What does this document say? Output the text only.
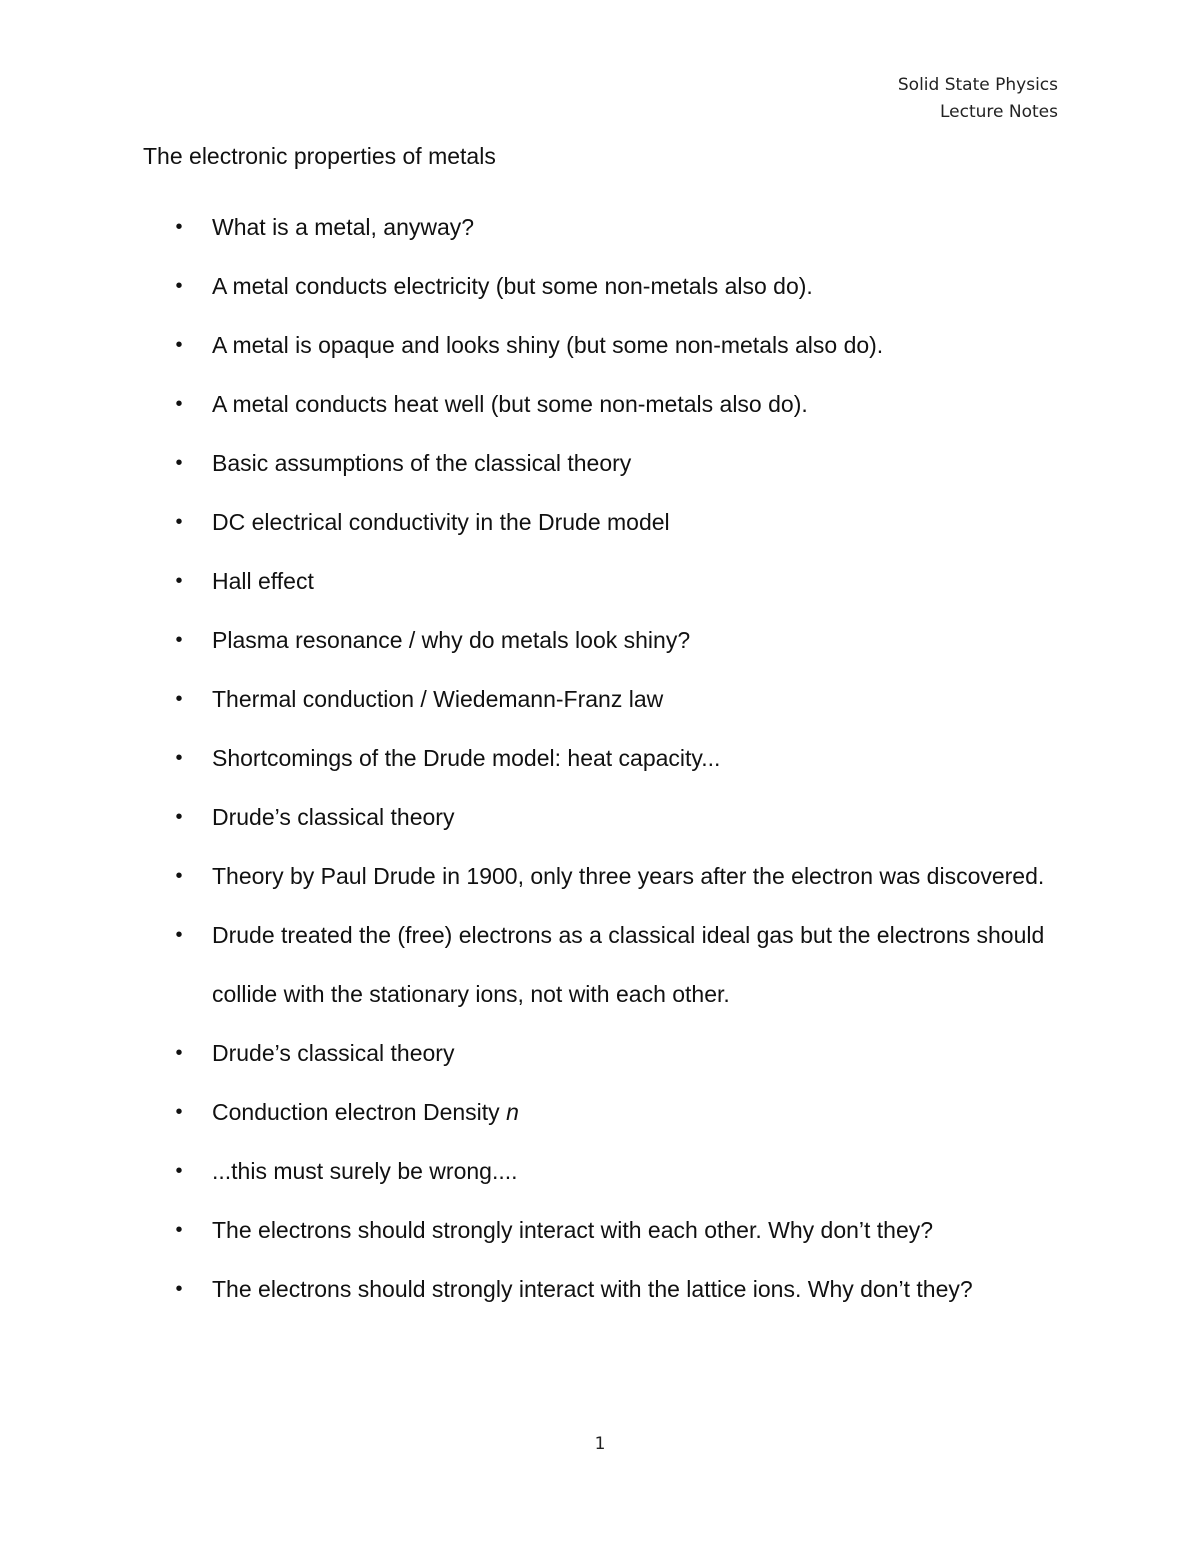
Solid State Physics
Lecture Notes
The electronic properties of metals
• What is a metal, anyway?
• A metal conducts electricity (but some non-metals also do).
• A metal is opaque and looks shiny (but some non-metals also do).
• A metal conducts heat well (but some non-metals also do).
• Basic assumptions of the classical theory
• DC electrical conductivity in the Drude model
• Hall effect
• Plasma resonance / why do metals look shiny?
• Thermal conduction / Wiedemann-Franz law
• Shortcomings of the Drude model: heat capacity...
• Drude’s classical theory
• Theory by Paul Drude in 1900, only three years after the electron was discovered.
• Drude treated the (free) electrons as a classical ideal gas but the electrons should collide with the stationary ions, not with each other.
• Drude’s classical theory
• Conduction electron Density n
• ...this must surely be wrong....
• The electrons should strongly interact with each other. Why don’t they?
• The electrons should strongly interact with the lattice ions. Why don’t they?
1
